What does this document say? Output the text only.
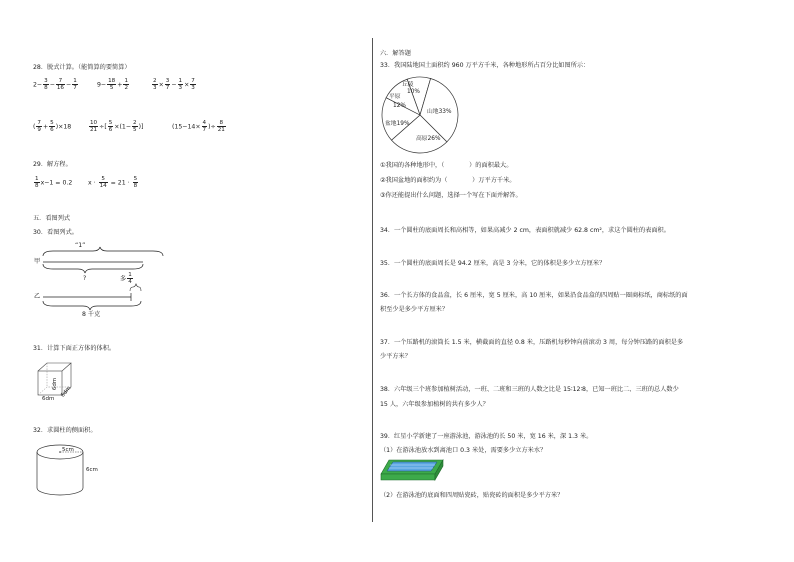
28．脱式计算。（能简算的要简算）
$2- \frac{3}{8} - \frac{7}{16} - \frac{1}{7}$	$9- \frac{18}{5} + \frac{1}{2}$	$\frac{2}{3} \times \frac{3}{7} - \frac{1}{3} \times \frac{7}{3}$
( $\frac{7}{9} + \frac{5}{6} )\times 18$	$\frac{10}{21}$ ÷[ $\frac{5}{6} \times(1- \frac{2}{5}$ )]	($15-14\times \frac{4}{7}$ )÷ $\frac{8}{21}$
29．解方程。
$\frac{1}{8} x-1 = 0.2$	$x \cdot \frac{5}{14} = 21 \cdot \frac{5}{8}$
五．看图列式
30．看图列式。
“1”
甲
乙
?	多 $\frac{1}{4}$
8 千克
31．计算下面正方体的体积。
6dm
6dm
6dm
32．求圆柱的侧面积。
5cm
6cm
六．解答题
33．我国陆地国土面积约 960 万平方千米，各种地形所占百分比如图所示：
丘陵
10%
山地33%
高原26%
盆地19%
平原
12%
①我国的各种地形中，（　　　　）的面积最大。
②我国盆地的面积约为（　　　　）万平方千米。
③你还能提出什么问题，选择一个写在下面并解答。
34．一个圆柱的底面周长和高相等，如果高减少 2 cm，表面积就减少 62.8 cm²，求这个圆柱的表面积。
35．一个圆柱的底面周长是 94.2 厘米，高是 3 分米，它的体积是多少立方厘米？
36．一个长方体的食品盒，长 6 厘米，宽 5 厘米，高 10 厘米，如果沿食品盒的四周贴一圈商标纸，商标纸的面
积至少是多少平方厘米？
37．一个压路机的滚筒长 1.5 米，横截面的直径 0.8 米，压路机每秒钟向前滚动 3 周，每分钟压路的面积是多
少平方米？
38．六年级三个班参加植树活动，一班、二班和三班的人数之比是 15∶12∶8，已知一班比二、三班的总人数少
15 人，六年级参加植树的共有多少人？
39．红星小学新建了一座游泳池，游泳池的长 50 米，宽 16 米，深 1.3 米。
（1）在游泳池放水到离池口 0.3 米处，需要多少立方米水？
（2）在游泳池的底面和四周贴瓷砖，贴瓷砖的面积是多少平方米？
